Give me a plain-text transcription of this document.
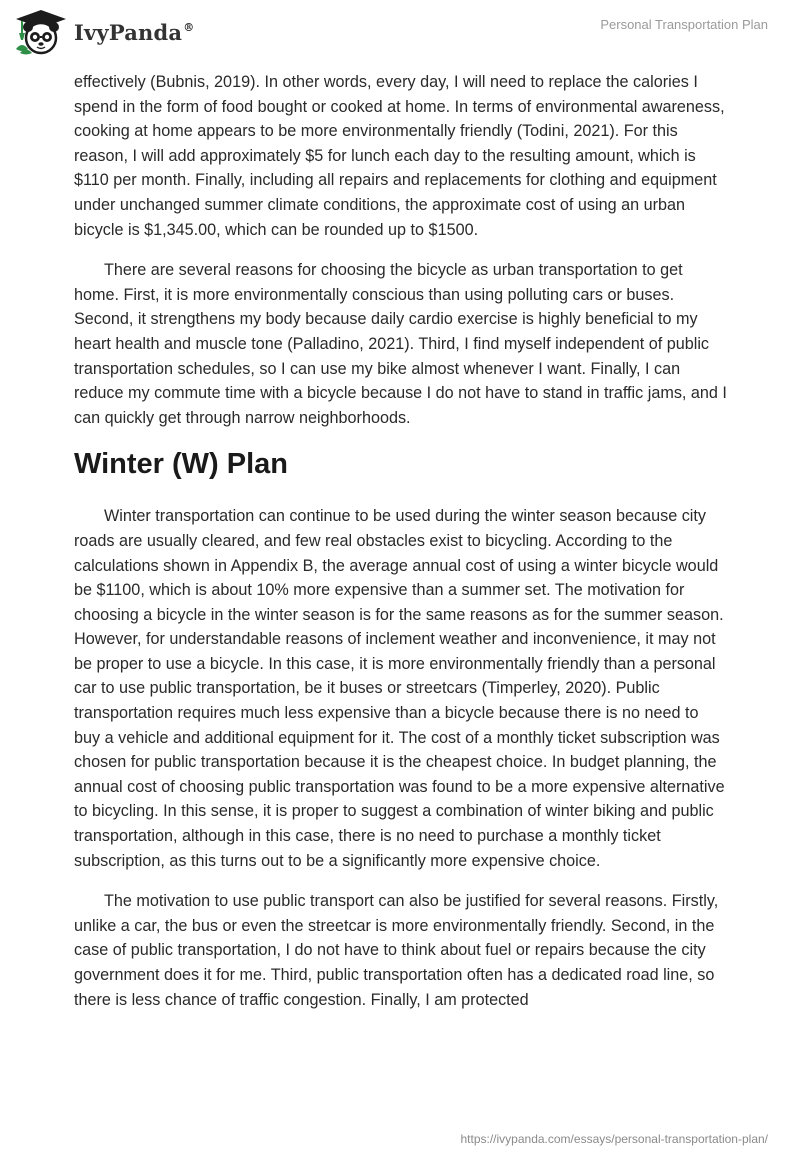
IvyPanda®	Personal Transportation Plan

effectively (Bubnis, 2019). In other words, every day, I will need to replace the calories I spend in the form of food bought or cooked at home. In terms of environmental awareness, cooking at home appears to be more environmentally friendly (Todini, 2021). For this reason, I will add approximately $5 for lunch each day to the resulting amount, which is $110 per month. Finally, including all repairs and replacements for clothing and equipment under unchanged summer climate conditions, the approximate cost of using an urban bicycle is $1,345.00, which can be rounded up to $1500.

There are several reasons for choosing the bicycle as urban transportation to get home. First, it is more environmentally conscious than using polluting cars or buses. Second, it strengthens my body because daily cardio exercise is highly beneficial to my heart health and muscle tone (Palladino, 2021). Third, I find myself independent of public transportation schedules, so I can use my bike almost whenever I want. Finally, I can reduce my commute time with a bicycle because I do not have to stand in traffic jams, and I can quickly get through narrow neighborhoods.

Winter (W) Plan

Winter transportation can continue to be used during the winter season because city roads are usually cleared, and few real obstacles exist to bicycling. According to the calculations shown in Appendix B, the average annual cost of using a winter bicycle would be $1100, which is about 10% more expensive than a summer set. The motivation for choosing a bicycle in the winter season is for the same reasons as for the summer season. However, for understandable reasons of inclement weather and inconvenience, it may not be proper to use a bicycle. In this case, it is more environmentally friendly than a personal car to use public transportation, be it buses or streetcars (Timperley, 2020). Public transportation requires much less expensive than a bicycle because there is no need to buy a vehicle and additional equipment for it. The cost of a monthly ticket subscription was chosen for public transportation because it is the cheapest choice. In budget planning, the annual cost of choosing public transportation was found to be a more expensive alternative to bicycling. In this sense, it is proper to suggest a combination of winter biking and public transportation, although in this case, there is no need to purchase a monthly ticket subscription, as this turns out to be a significantly more expensive choice.

The motivation to use public transport can also be justified for several reasons. Firstly, unlike a car, the bus or even the streetcar is more environmentally friendly. Second, in the case of public transportation, I do not have to think about fuel or repairs because the city government does it for me. Third, public transportation often has a dedicated road line, so there is less chance of traffic congestion. Finally, I am protected

https://ivypanda.com/essays/personal-transportation-plan/
